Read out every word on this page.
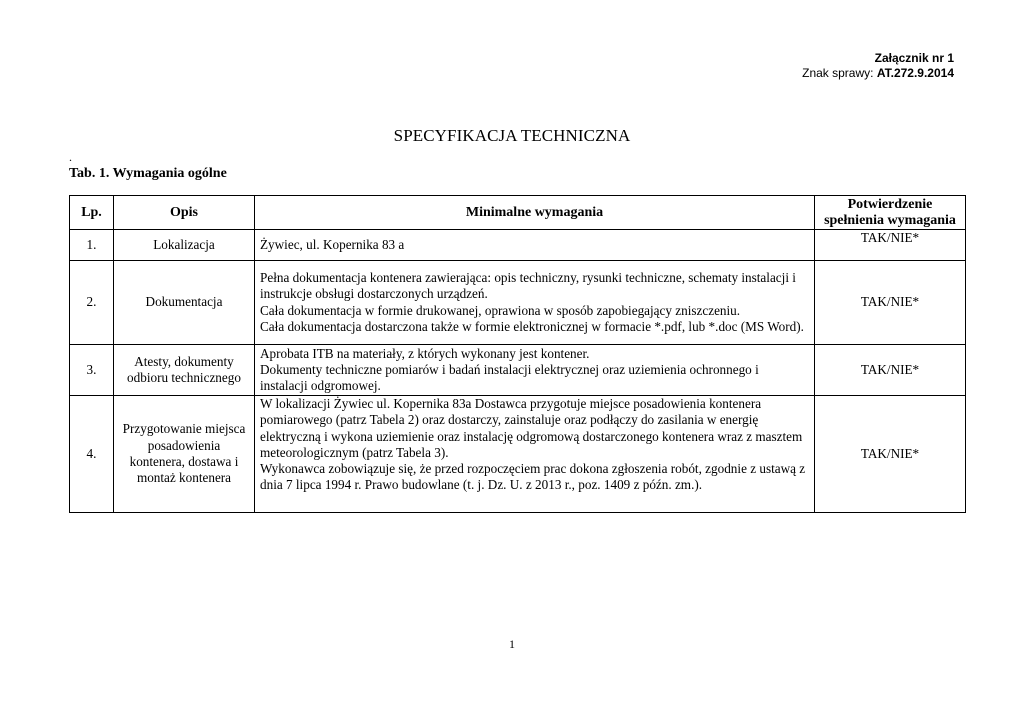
Załącznik nr 1
Znak sprawy: AT.272.9.2014
SPECYFIKACJA TECHNICZNA
.
Tab. 1. Wymagania ogólne
Lp.	Opis	Minimalne wymagania	Potwierdzenie
spełnienia wymagania

1.	Lokalizacja	Żywiec, ul. Kopernika 83 a	TAK/NIE*
2.	Dokumentacja	Pełna dokumentacja kontenera zawierająca: opis techniczny, rysunki techniczne, schematy instalacji i instrukcje obsługi dostarczonych urządzeń.
Cała dokumentacja w formie drukowanej, oprawiona w sposób zapobiegający zniszczeniu.
Cała dokumentacja dostarczona także w formie elektronicznej w formacie *.pdf, lub *.doc (MS Word).	TAK/NIE*
3.	Atesty, dokumenty odbioru technicznego	Aprobata ITB na materiały, z których wykonany jest kontener.
Dokumenty techniczne pomiarów i badań instalacji elektrycznej oraz uziemienia ochronnego i instalacji odgromowej.	TAK/NIE*
4.	Przygotowanie miejsca posadowienia kontenera, dostawa i montaż kontenera	W lokalizacji Żywiec ul. Kopernika 83a Dostawca przygotuje miejsce posadowienia kontenera pomiarowego (patrz Tabela 2) oraz dostarczy, zainstaluje oraz podłączy do zasilania w energię elektryczną i wykona uziemienie oraz instalację odgromową dostarczonego kontenera wraz z masztem meteorologicznym (patrz Tabela 3).
Wykonawca zobowiązuje się, że przed rozpoczęciem prac dokona zgłoszenia robót, zgodnie z ustawą z dnia 7 lipca 1994 r. Prawo budowlane (t. j. Dz. U. z 2013 r., poz. 1409 z późn. zm.).	TAK/NIE*
1
